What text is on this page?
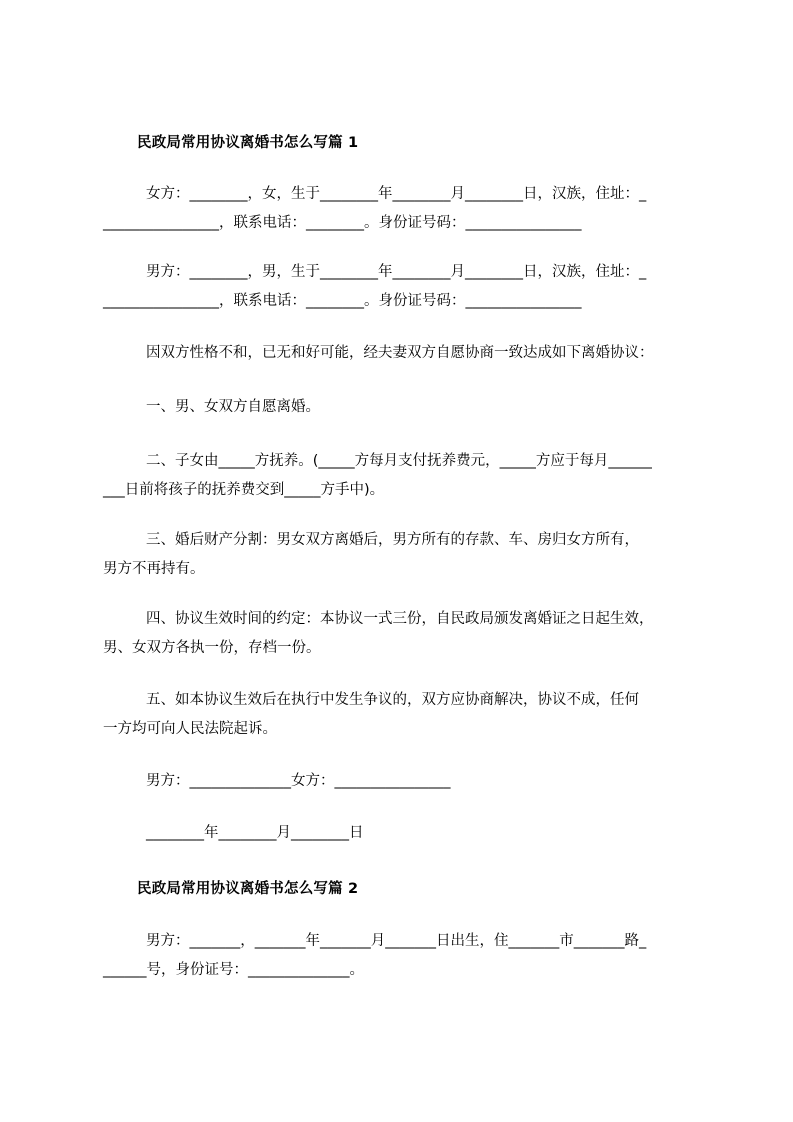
民政局常用协议离婚书怎么写篇 1
女方：________，女，生于________年________月________日，汉族，住址：_
________________，联系电话：________。身份证号码：________________
男方：________，男，生于________年________月________日，汉族，住址：_
________________，联系电话：________。身份证号码：________________
因双方性格不和，已无和好可能，经夫妻双方自愿协商一致达成如下离婚协议：
一、男、女双方自愿离婚。
二、子女由_____方抚养。(_____方每月支付抚养费元，_____方应于每月______
___日前将孩子的抚养费交到_____方手中)。
三、婚后财产分割：男女双方离婚后，男方所有的存款、车、房归女方所有，
男方不再持有。
四、协议生效时间的约定：本协议一式三份，自民政局颁发离婚证之日起生效，
男、女双方各执一份，存档一份。
五、如本协议生效后在执行中发生争议的，双方应协商解决，协议不成，任何
一方均可向人民法院起诉。
男方：______________女方：________________
________年________月________日
民政局常用协议离婚书怎么写篇 2
男方：_______，_______年_______月_______日出生，住_______市_______路_
______号，身份证号：______________。
